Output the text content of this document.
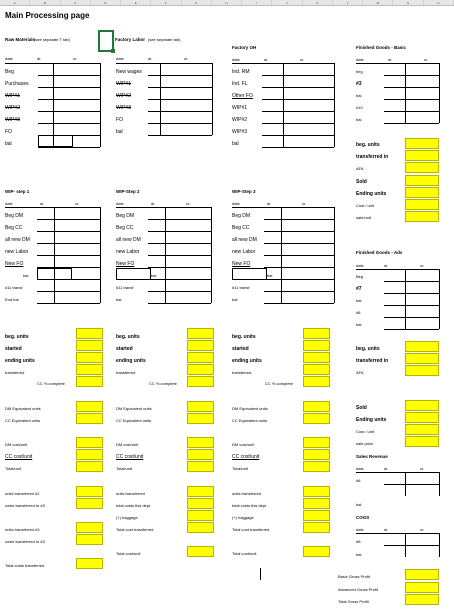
A	B	C	D	E	F	G	H	I	J	K	L	M	N	O
Main Processing page
Raw Materials
(see separate T tab)	Factory Labor (see separate tab)
Factory OH	Finished Goods - Basic
date	dr.	cr.	date	dr.	cr.	date	dr.	cr.	date	dr.	cr.
Beg
Purchases
WIP#1
WIP#2
WIP#3
FO
bal
New wages
WIP#1
WIP#2
WIP#3
FO
bal
Ind. RM
Ind. FL
Other FO
WIP#1
WIP#2
WIP#3
bal
beg
#3
bal
#10
bal
beg. units
transferred in
AFA
Sold
Ending units
Cost / unit
sale/unit
WIP- step 1
date	dr.	cr.
Beg DM
Beg CC
all new DM
new Labor
New FO
bal
#11 transf
End bal
beg. units
started
ending units
transferred
CC % complete
DM Equivalent units
CC Equivalent units
DM cost/unit
CC cost/unit
Total/unit
units transferred #2
costs transferred to #3
units transferred #3
costs transferred to #3
Total costs transferred
WIP-Step 2
date	dr.	cr.
Beg DM
Beg CC
all new DM
new Labor
New FO
bal
#11 transf
bal
beg. units
started
ending units
transferred
CC % complete
DM Equivalent units
CC Equivalent units
DM cost/unit
CC cost/unit
Total/unit
units transferred
total costs this dept
(+) baggage
Total cost transferred
Total cost/unit
WIP-Step 3
date	dr.	cr.
Beg DM
Beg CC
all new DM
new Labor
New FO
bal
#11 transf
bal
beg. units
started
ending units
transferred
CC % complete
DM Equivalent units
CC Equivalent units
DM cost/unit
CC cost/unit
Total/unit
units transferred
total costs this dept
(+) baggage
Total cost transferred
Total cost/unit
Finished Goods - Adv
date	dr.	cr.
Beg
#7
bal
#8
bal
beg. units
transferred in
AFA
Sold
Ending units
Cost / unit
sale price
Sales Revenue
date	dr.	cr.
#8
bal
COGS
date	dr.	cr.
#8
bal
Basic Gross Profit
Advanced Gross Profit
Total Gross Profit
